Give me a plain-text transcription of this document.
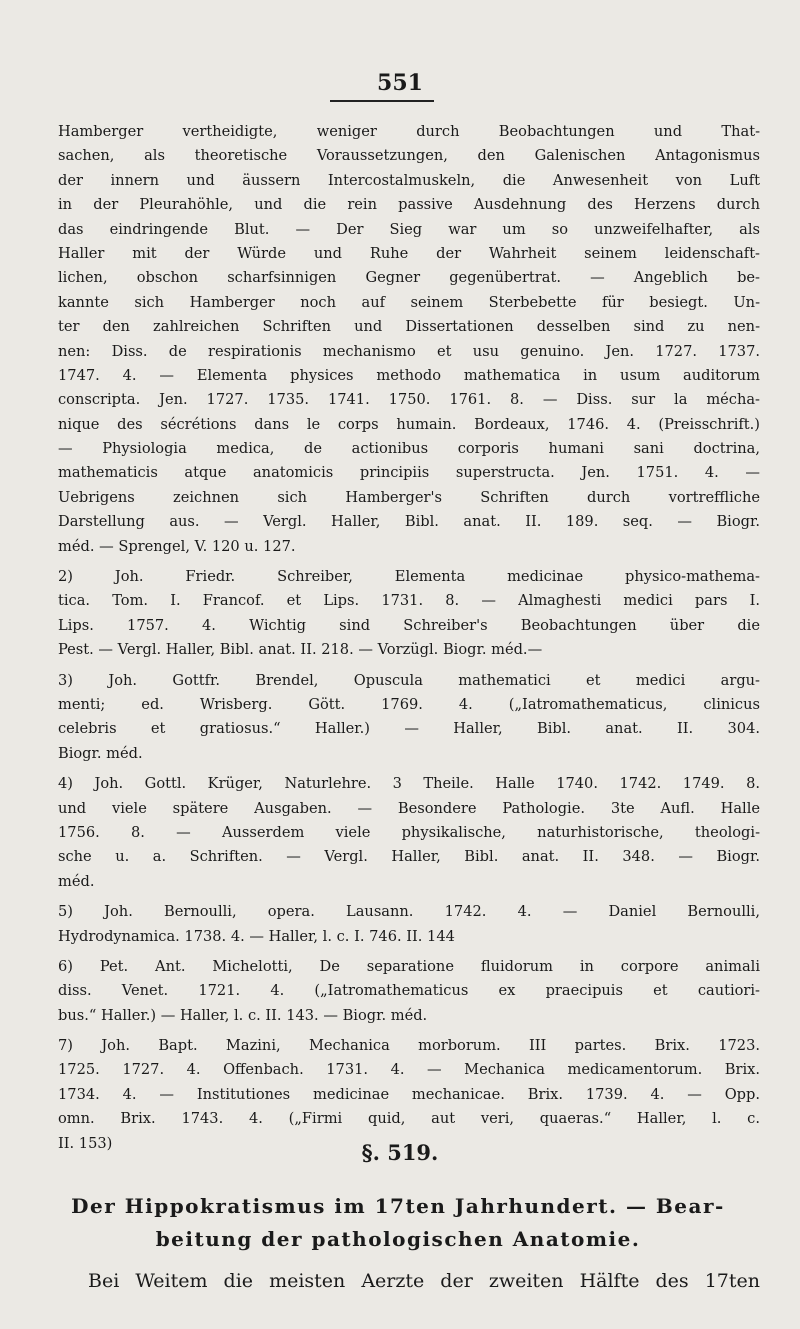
551
Hamberger vertheidigte, weniger durch Beobachtungen und That-
sachen, als theoretische Voraussetzungen, den Galenischen Antagonismus
der innern und äussern Intercostalmuskeln, die Anwesenheit von Luft
in der Pleurahöhle, und die rein passive Ausdehnung des Herzens durch
das eindringende Blut. — Der Sieg war um so unzweifelhafter, als
Haller mit der Würde und Ruhe der Wahrheit seinem leidenschaft-
lichen, obschon scharfsinnigen Gegner gegenübertrat. — Angeblich be-
kannte sich Hamberger noch auf seinem Sterbebette für besiegt. Un-
ter den zahlreichen Schriften und Dissertationen desselben sind zu nen-
nen: Diss. de respirationis mechanismo et usu genuino. Jen. 1727. 1737.
1747. 4. — Elementa physices methodo mathematica in usum auditorum
conscripta. Jen. 1727. 1735. 1741. 1750. 1761. 8. — Diss. sur la mécha-
nique des sécrétions dans le corps humain. Bordeaux, 1746. 4. (Preisschrift.)
— Physiologia medica, de actionibus corporis humani sani doctrina,
mathematicis atque anatomicis principiis superstructa. Jen. 1751. 4. —
Uebrigens zeichnen sich Hamberger's Schriften durch vortreffliche
Darstellung aus. — Vergl. Haller, Bibl. anat. II. 189. seq. — Biogr.
méd. — Sprengel, V. 120 u. 127.
2) Joh. Friedr. Schreiber, Elementa medicinae physico-mathema-
tica. Tom. I. Francof. et Lips. 1731. 8. — Almaghesti medici pars I.
Lips. 1757. 4. Wichtig sind Schreiber's Beobachtungen über die
Pest. — Vergl. Haller, Bibl. anat. II. 218. — Vorzügl. Biogr. méd.—
3) Joh. Gottfr. Brendel, Opuscula mathematici et medici argu-
menti; ed. Wrisberg. Gött. 1769. 4. („Iatromathematicus, clinicus
celebris et gratiosus.“ Haller.) — Haller, Bibl. anat. II. 304.
Biogr. méd.
4) Joh. Gottl. Krüger, Naturlehre. 3 Theile. Halle 1740. 1742. 1749. 8.
und viele spätere Ausgaben. — Besondere Pathologie. 3te Aufl. Halle
1756. 8. — Ausserdem viele physikalische, naturhistorische, theologi-
sche u. a. Schriften. — Vergl. Haller, Bibl. anat. II. 348. — Biogr.
méd.
5) Joh. Bernoulli, opera. Lausann. 1742. 4. — Daniel Bernoulli,
Hydrodynamica. 1738. 4. — Haller, l. c. I. 746. II. 144
6) Pet. Ant. Michelotti, De separatione fluidorum in corpore animali
diss. Venet. 1721. 4. („Iatromathematicus ex praecipuis et cautiori-
bus.“ Haller.) — Haller, l. c. II. 143. — Biogr. méd.
7) Joh. Bapt. Mazini, Mechanica morborum. III partes. Brix. 1723.
1725. 1727. 4. Offenbach. 1731. 4. — Mechanica medicamentorum. Brix.
1734. 4. — Institutiones medicinae mechanicae. Brix. 1739. 4. — Opp.
omn. Brix. 1743. 4. („Firmi quid, aut veri, quaeras.“ Haller, l. c.
II. 153)	§. 519.
Der Hippokratismus im 17ten Jahrhundert. — Bear-
beitung der pathologischen Anatomie.
Bei Weitem die meisten Aerzte der zweiten Hälfte des 17ten
